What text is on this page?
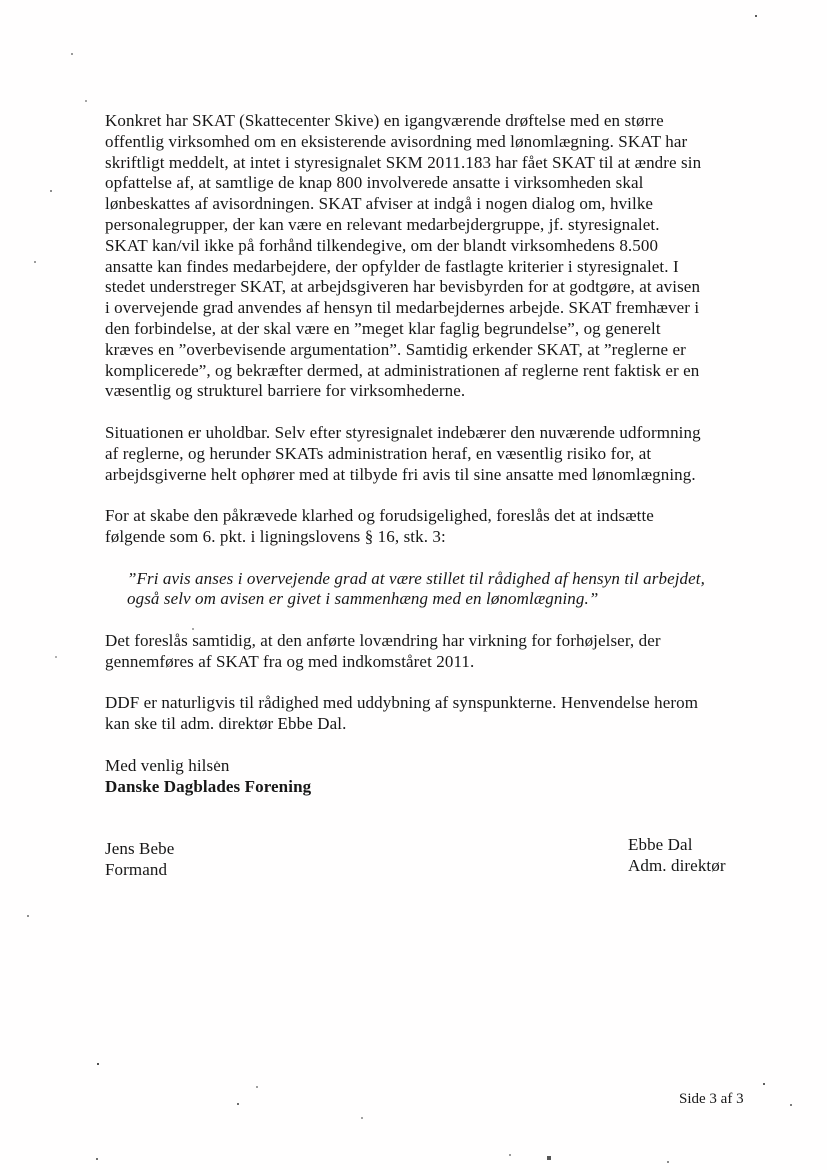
Konkret har SKAT (Skattecenter Skive) en igangværende drøftelse med en større
offentlig virksomhed om en eksisterende avisordning med lønomlægning. SKAT har
skriftligt meddelt, at intet i styresignalet SKM 2011.183 har fået SKAT til at ændre sin
opfattelse af, at samtlige de knap 800 involverede ansatte i virksomheden skal
lønbeskattes af avisordningen. SKAT afviser at indgå i nogen dialog om, hvilke
personalegrupper, der kan være en relevant medarbejdergruppe, jf. styresignalet.
SKAT kan/vil ikke på forhånd tilkendegive, om der blandt virksomhedens 8.500
ansatte kan findes medarbejdere, der opfylder de fastlagte kriterier i styresignalet. I
stedet understreger SKAT, at arbejdsgiveren har bevisbyrden for at godtgøre, at avisen
i overvejende grad anvendes af hensyn til medarbejdernes arbejde. SKAT fremhæver i
den forbindelse, at der skal være en ”meget klar faglig begrundelse”, og generelt
kræves en ”overbevisende argumentation”. Samtidig erkender SKAT, at ”reglerne er
komplicerede”, og bekræfter dermed, at administrationen af reglerne rent faktisk er en
væsentlig og strukturel barriere for virksomhederne.
Situationen er uholdbar. Selv efter styresignalet indebærer den nuværende udformning
af reglerne, og herunder SKATs administration heraf, en væsentlig risiko for, at
arbejdsgiverne helt ophører med at tilbyde fri avis til sine ansatte med lønomlægning.
For at skabe den påkrævede klarhed og forudsigelighed, foreslås det at indsætte
følgende som 6. pkt. i ligningslovens § 16, stk. 3:
”Fri avis anses i overvejende grad at være stillet til rådighed af hensyn til arbejdet,
også selv om avisen er givet i sammenhæng med en lønomlægning.”
Det foreslås samtidig, at den anførte lovændring har virkning for forhøjelser, der
gennemføres af SKAT fra og med indkomståret 2011.
DDF er naturligvis til rådighed med uddybning af synspunkterne. Henvendelse herom
kan ske til adm. direktør Ebbe Dal.
Med venlig hilsen
Danske Dagblades Forening
Jens Bebe
Formand
Ebbe Dal
Adm. direktør
Side 3 af 3
